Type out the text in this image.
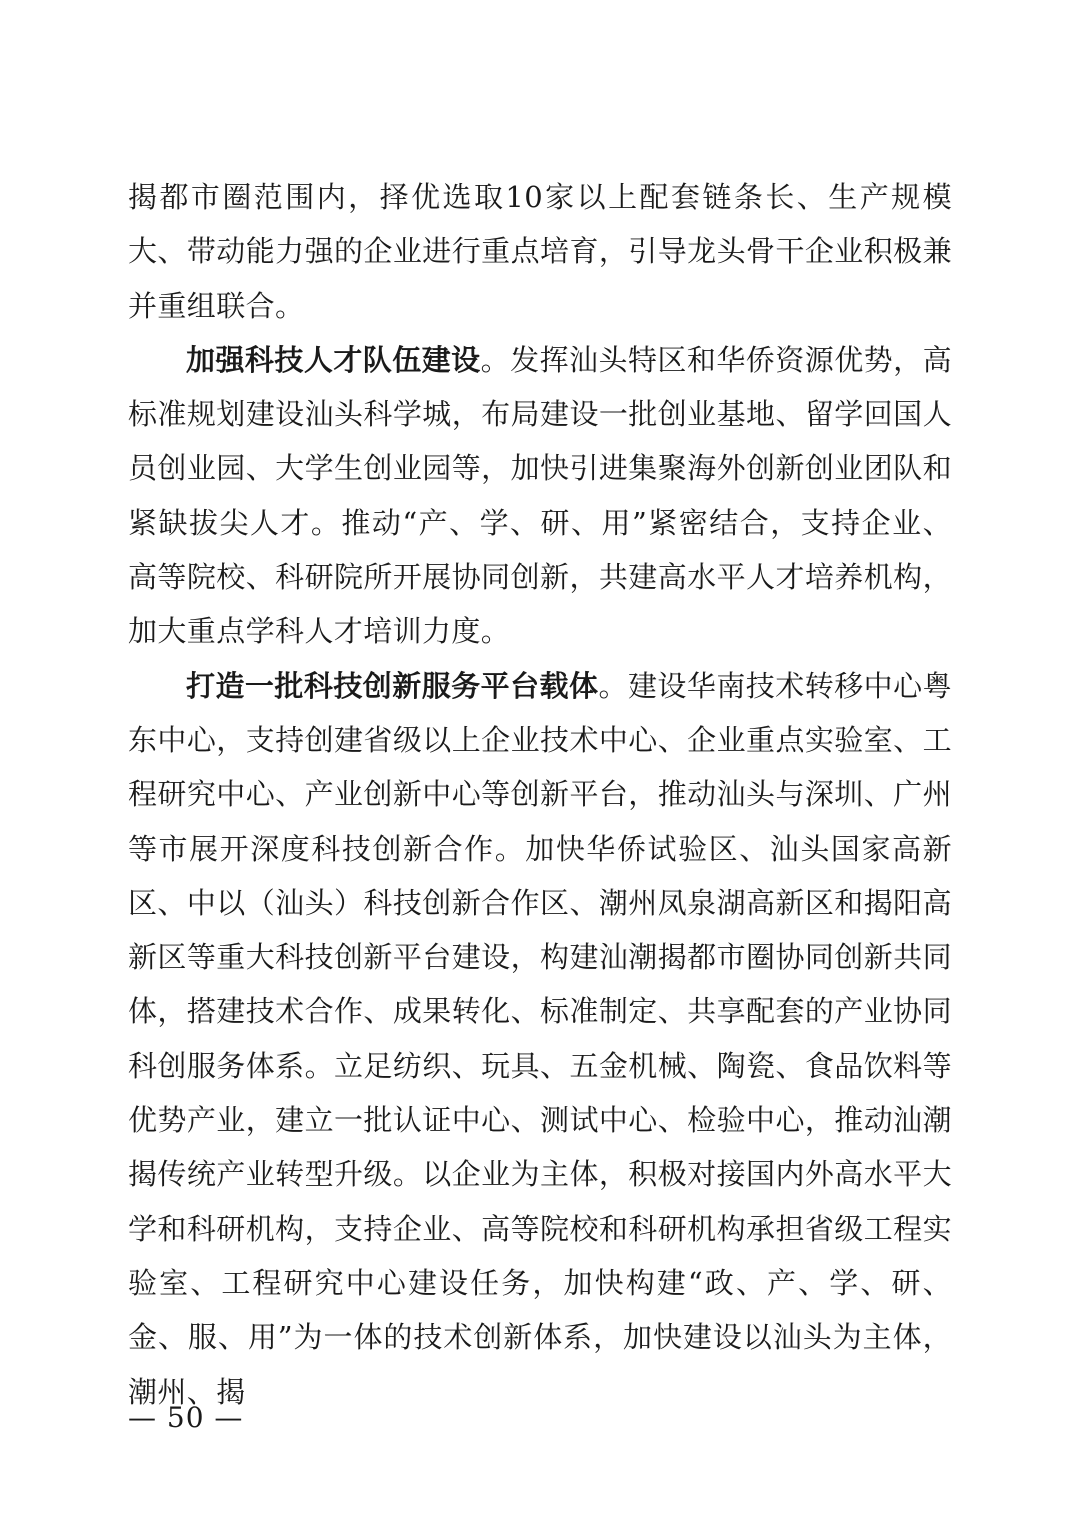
揭都市圈范围内，择优选取10家以上配套链条长、生产规模大、带动能力强的企业进行重点培育，引导龙头骨干企业积极兼并重组联合。

加强科技人才队伍建设。发挥汕头特区和华侨资源优势，高标准规划建设汕头科学城，布局建设一批创业基地、留学回国人员创业园、大学生创业园等，加快引进集聚海外创新创业团队和紧缺拔尖人才。推动“产、学、研、用”紧密结合，支持企业、高等院校、科研院所开展协同创新，共建高水平人才培养机构，加大重点学科人才培训力度。

打造一批科技创新服务平台载体。建设华南技术转移中心粤东中心，支持创建省级以上企业技术中心、企业重点实验室、工程研究中心、产业创新中心等创新平台，推动汕头与深圳、广州等市展开深度科技创新合作。加快华侨试验区、汕头国家高新区、中以（汕头）科技创新合作区、潮州凤泉湖高新区和揭阳高新区等重大科技创新平台建设，构建汕潮揭都市圈协同创新共同体，搭建技术合作、成果转化、标准制定、共享配套的产业协同科创服务体系。立足纺织、玩具、五金机械、陶瓷、食品饮料等优势产业，建立一批认证中心、测试中心、检验中心，推动汕潮揭传统产业转型升级。以企业为主体，积极对接国内外高水平大学和科研机构，支持企业、高等院校和科研机构承担省级工程实验室、工程研究中心建设任务，加快构建“政、产、学、研、金、服、用”为一体的技术创新体系，加快建设以汕头为主体，潮州、揭

— 50 —
